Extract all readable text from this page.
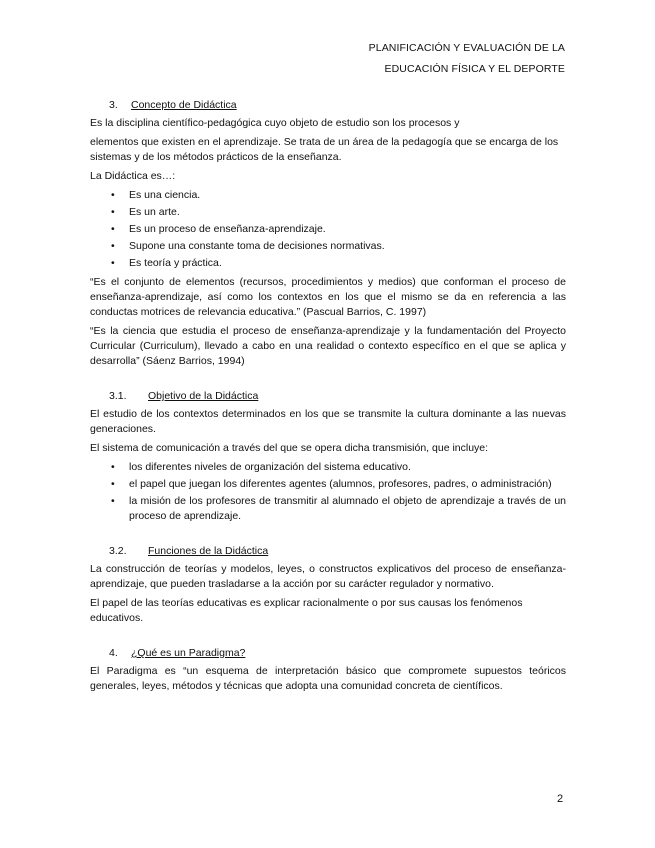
PLANIFICACIÓN Y EVALUACIÓN DE LA
EDUCACIÓN FÍSICA Y EL DEPORTE
3.	Concepto de Didáctica

Es la disciplina científico-pedagógica cuyo objeto de estudio son los procesos y

elementos que existen en el aprendizaje. Se trata de un área de la pedagogía que se encarga de los sistemas y de los métodos prácticos de la enseñanza.

La Didáctica es…:

• Es una ciencia.
• Es un arte.
• Es un proceso de enseñanza-aprendizaje.
• Supone una constante toma de decisiones normativas.
• Es teoría y práctica.

“Es el conjunto de elementos (recursos, procedimientos y medios) que conforman el proceso de enseñanza-aprendizaje, así como los contextos en los que el mismo se da en referencia a las conductas motrices de relevancia educativa.” (Pascual Barrios, C. 1997)

“Es la ciencia que estudia el proceso de enseñanza-aprendizaje y la fundamentación del Proyecto Curricular (Curriculum), llevado a cabo en una realidad o contexto específico en el que se aplica y desarrolla” (Sáenz Barrios, 1994)

3.1.	Objetivo de la Didáctica

El estudio de los contextos determinados en los que se transmite la cultura dominante a las nuevas generaciones.

El sistema de comunicación a través del que se opera dicha transmisión, que incluye:

• los diferentes niveles de organización del sistema educativo.
• el papel que juegan los diferentes agentes (alumnos, profesores, padres, o administración)
• la misión de los profesores de transmitir al alumnado el objeto de aprendizaje a través de un proceso de aprendizaje.
3.2.	Funciones de la Didáctica

La construcción de teorías y modelos, leyes, o constructos explicativos del proceso de enseñanza- aprendizaje, que pueden trasladarse a la acción por su carácter regulador y normativo.

El papel de las teorías educativas es explicar racionalmente o por sus causas los fenómenos educativos.

4.	¿Qué es un Paradigma?

El Paradigma es “un esquema de interpretación básico que compromete supuestos teóricos generales, leyes, métodos y técnicas que adopta una comunidad concreta de científicos.

2
